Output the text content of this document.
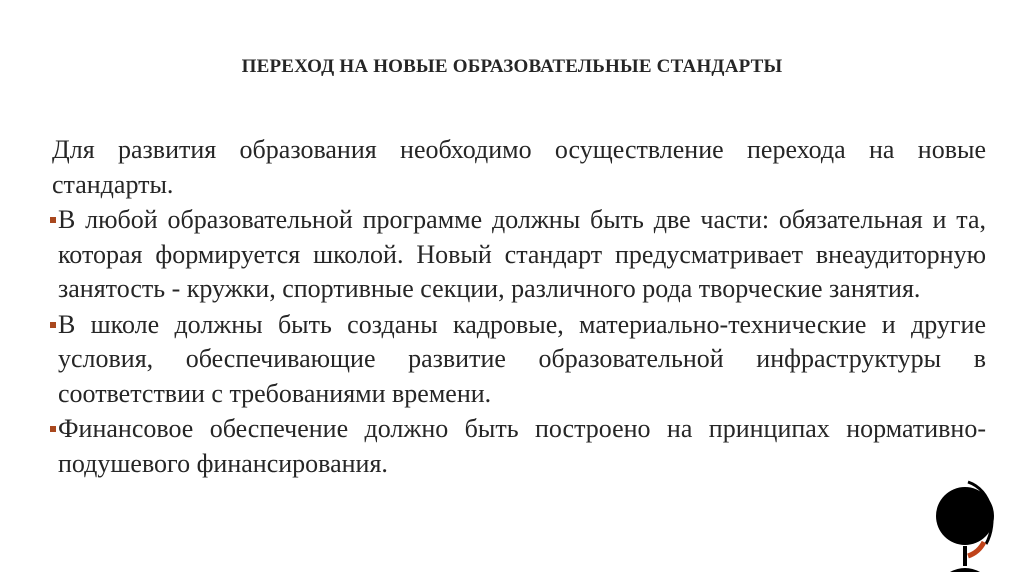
ПЕРЕХОД НА НОВЫЕ ОБРАЗОВАТЕЛЬНЫЕ СТАНДАРТЫ

Для развития образования необходимо осуществление перехода на новые стандарты.

В любой образовательной программе должны быть две части: обязательная и та, которая формируется школой. Новый стандарт предусматривает внеаудиторную занятость - кружки, спортивные секции, различного рода творческие занятия.
В школе должны быть созданы кадровые, материально-технические и другие условия, обеспечивающие развитие образовательной инфраструктуры в соответствии с требованиями времени.
Финансовое обеспечение должно быть построено на принципах нормативно-подушевого финансирования.
